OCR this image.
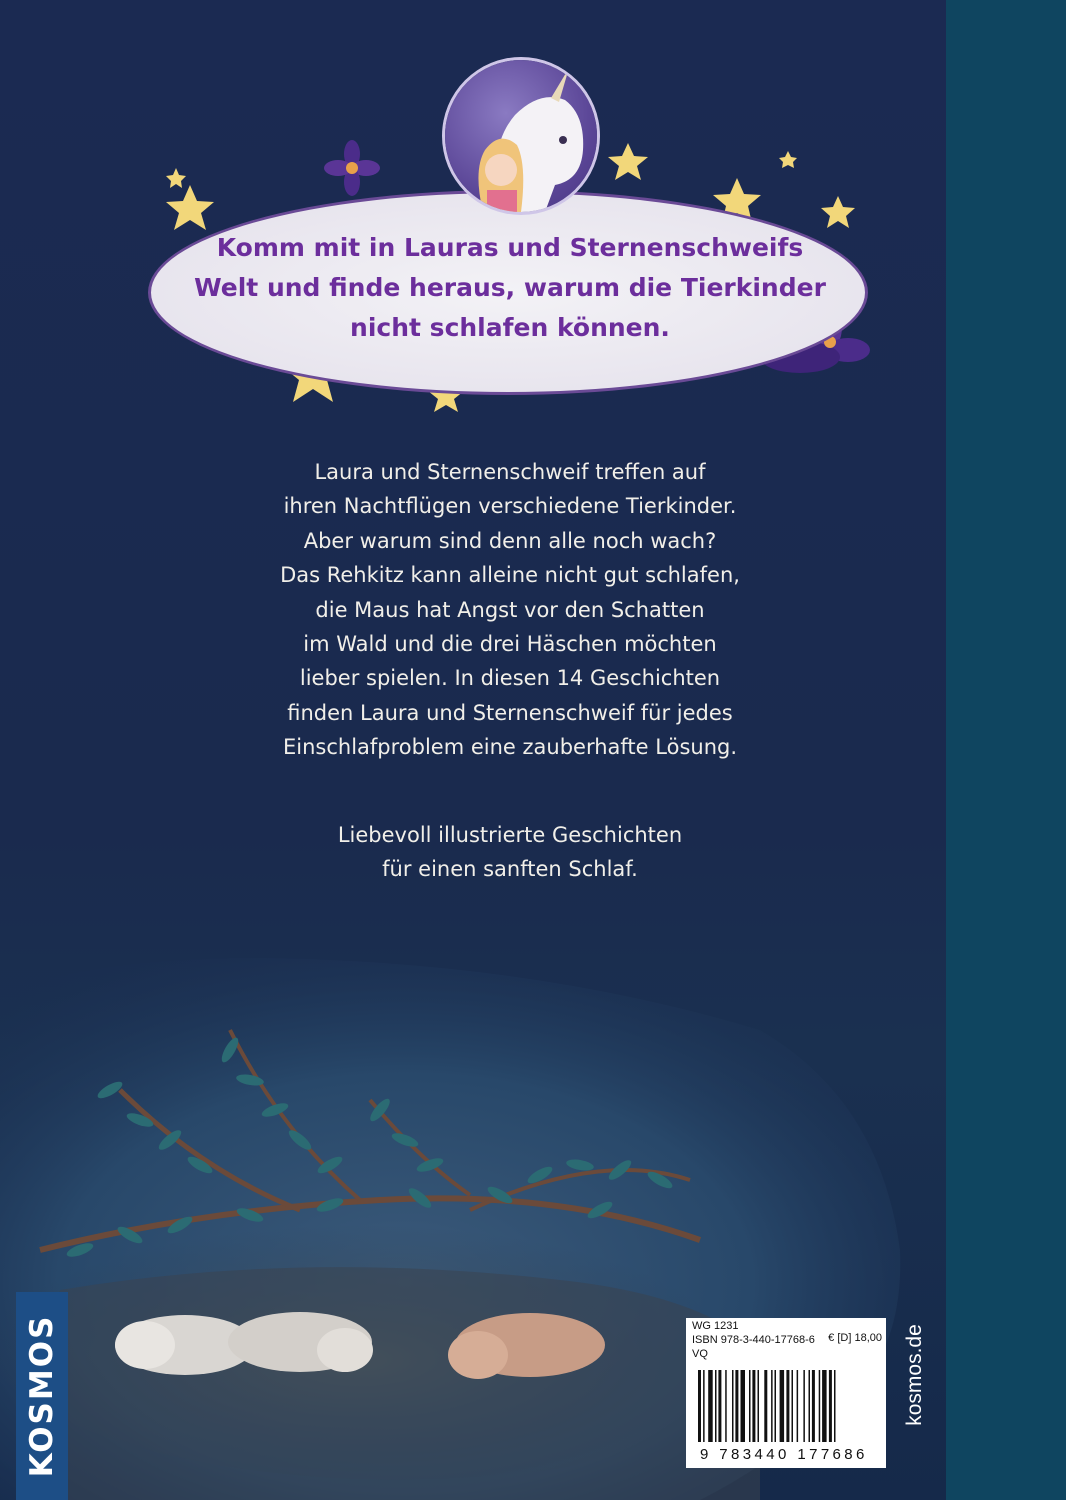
Komm mit in Lauras und Sternenschweifs
Welt und finde heraus, warum die Tierkinder
nicht schlafen können.
Laura und Sternenschweif treffen auf
ihren Nachtflügen verschiedene Tierkinder.
Aber warum sind denn alle noch wach?
Das Rehkitz kann alleine nicht gut schlafen,
die Maus hat Angst vor den Schatten
im Wald und die drei Häschen möchten
lieber spielen. In diesen 14 Geschichten
finden Laura und Sternenschweif für jedes
Einschlafproblem eine zauberhafte Lösung.
Liebevoll illustrierte Geschichten
für einen sanften Schlaf.
KOSMOS	WG 1231
ISBN 978-3-440-17768-6 € [D] 18,00
VQ
9 783440 177686
kosmos.de
